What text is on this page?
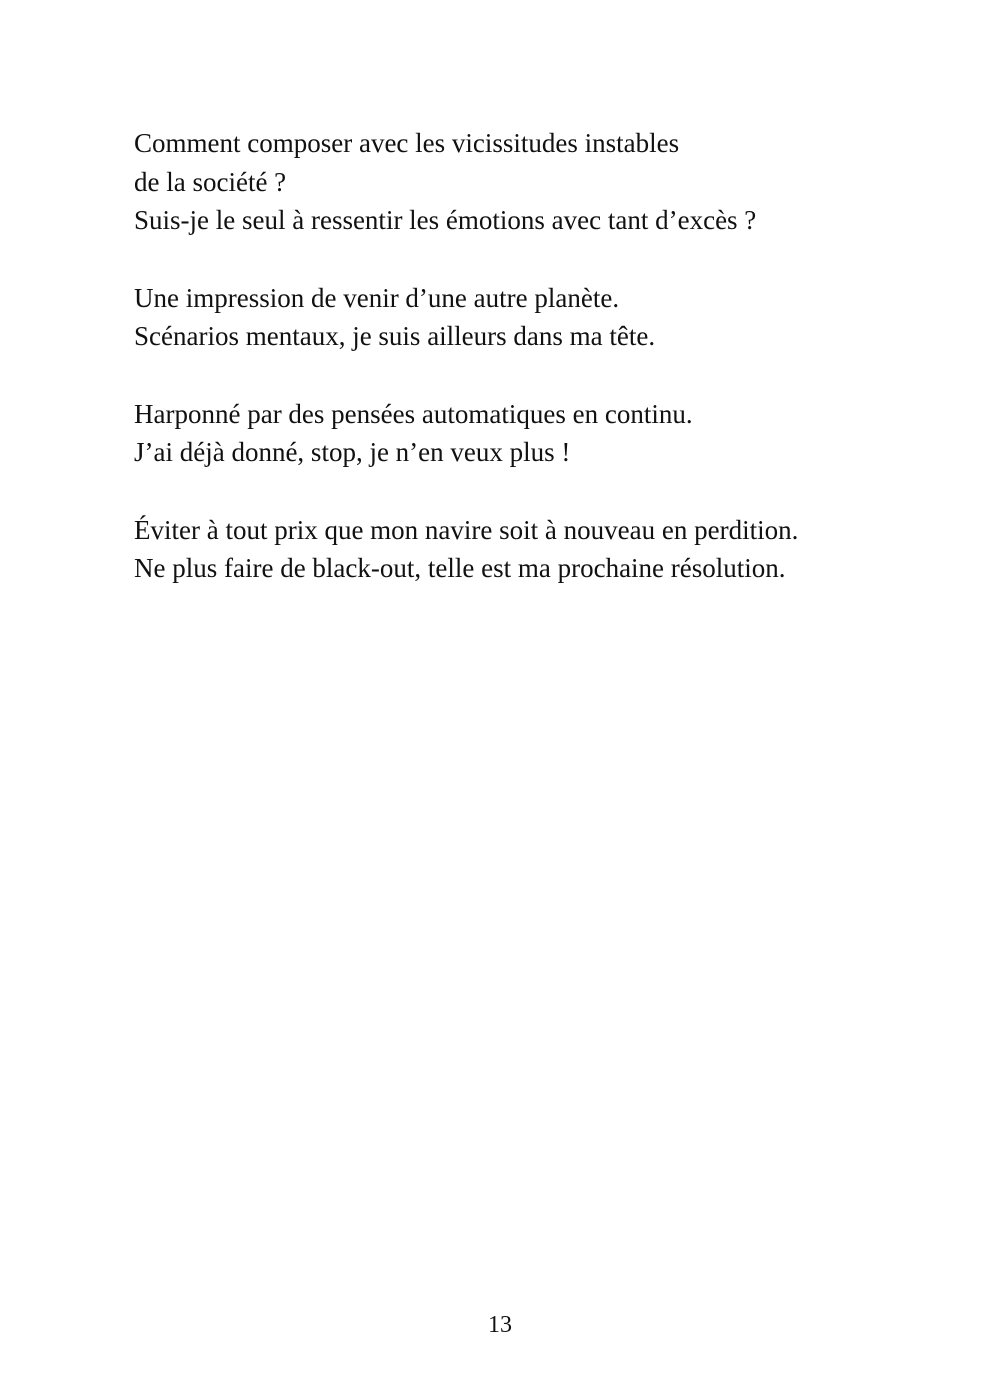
Comment composer avec les vicissitudes instables
de la société ?
Suis-je le seul à ressentir les émotions avec tant d’excès ?
Une impression de venir d’une autre planète.
Scénarios mentaux, je suis ailleurs dans ma tête.
Harponné par des pensées automatiques en continu.
J’ai déjà donné, stop, je n’en veux plus !
Éviter à tout prix que mon navire soit à nouveau en perdition.
Ne plus faire de black-out, telle est ma prochaine résolution.
13
